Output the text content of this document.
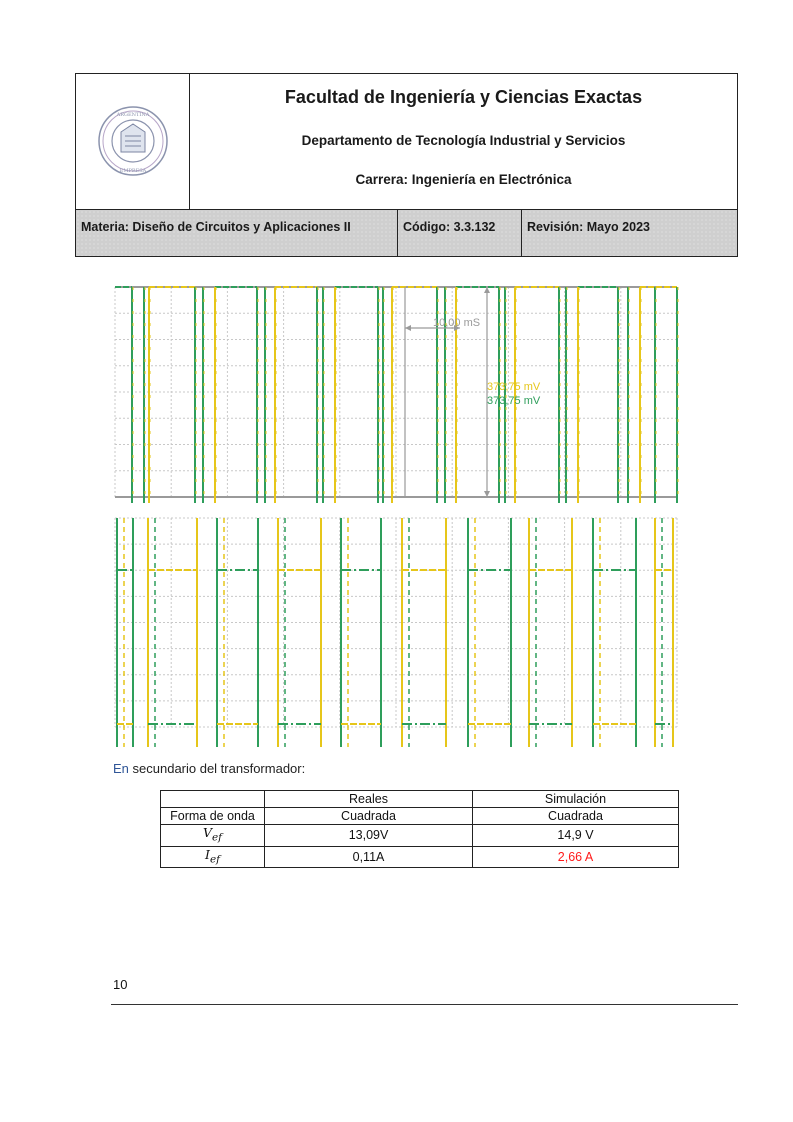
ARGENTINA
EMPRESA
Facultad de Ingeniería y Ciencias Exactas
Departamento de Tecnología Industrial y Servicios
Carrera: Ingeniería en Electrónica
Materia: Diseño de Circuitos y Aplicaciones II	Código: 3.3.132	Revisión: Mayo 2023
10,00 mS
373,75 mV
373,75 mV
En secundario del transformador:
	Reales	Simulación
Forma de onda	Cuadrada	Cuadrada
$V_{ef}$	13,09V	14,9 V
$I_{ef}$	0,11A	2,66 A
10
